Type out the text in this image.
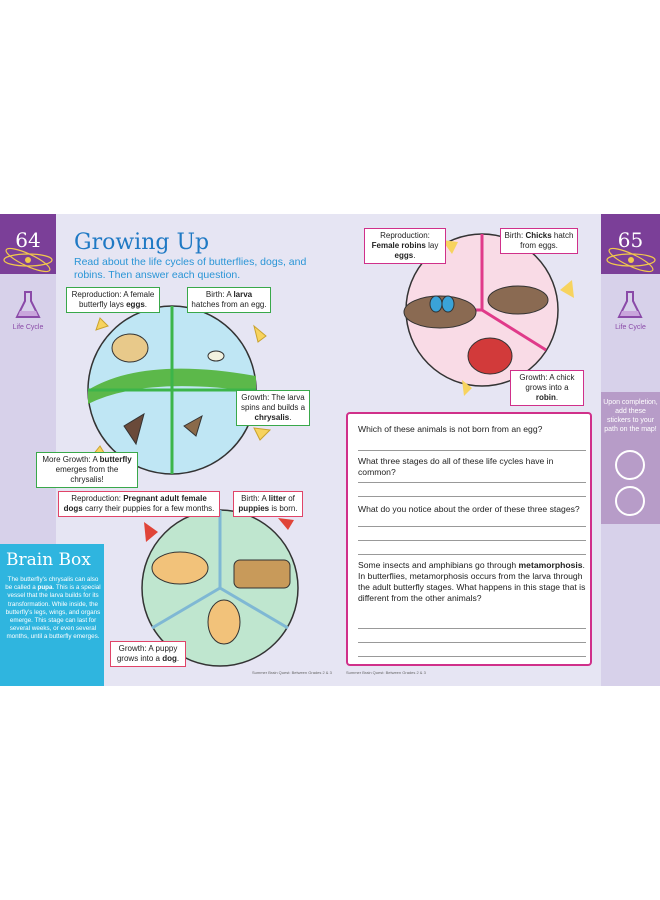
64
Life Cycle
Growing Up
Read about the life cycles of butterflies, dogs, and robins. Then answer each question.
Reproduction: A female butterfly lays eggs.
Birth: A larva hatches from an egg.
Growth: The larva spins and builds a chrysalis.
More Growth: A butterfly emerges from the chrysalis!
Reproduction: Pregnant adult female dogs carry their puppies for a few months.
Birth: A litter of puppies is born.
Growth: A puppy grows into a dog.
Brain Box
The butterfly's chrysalis can also be called a pupa. This is a special vessel that the larva builds for its transformation. While inside, the butterfly's legs, wings, and organs emerge. This stage can last for several weeks, or even several months, until a butterfly emerges.
Summer Brain Quest: Between Grades 2 & 3
65
Life Cycle
Upon completion, add these stickers to your path on the map!
Reproduction: Female robins lay eggs.
Birth: Chicks hatch from eggs.
Growth: A chick grows into a robin.
Which of these animals is not born from an egg?
What three stages do all of these life cycles have in common?
What do you notice about the order of these three stages?
Some insects and amphibians go through metamorphosis. In butterflies, metamorphosis occurs from the larva through the adult butterfly stages. What happens in this stage that is different from the other animals?
Summer Brain Quest: Between Grades 2 & 3
